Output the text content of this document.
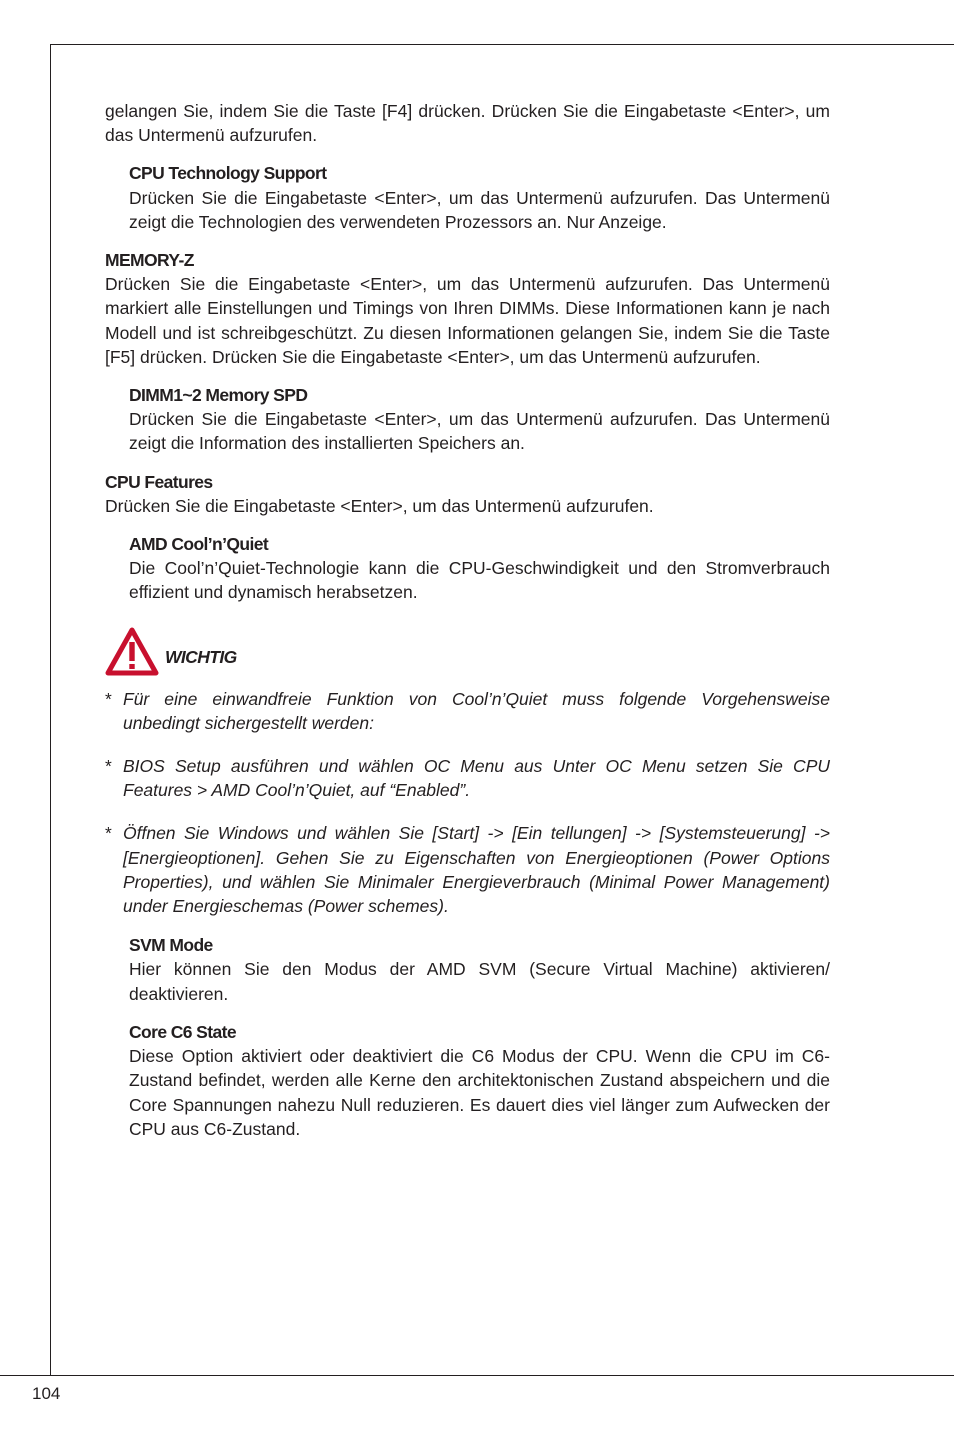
gelangen Sie, indem Sie die Taste [F4] drücken. Drücken Sie die Eingabetaste <Enter>, um das Untermenü aufzurufen.

CPU Technology Support

Drücken Sie die Eingabetaste <Enter>, um das Untermenü aufzurufen. Das Untermenü zeigt die Technologien des verwendeten Prozessors an. Nur Anzeige.

MEMORY-Z

Drücken Sie die Eingabetaste <Enter>, um das Untermenü aufzurufen. Das Untermenü markiert alle Einstellungen und Timings von Ihren DIMMs. Diese Informationen kann je nach Modell und ist schreibgeschützt. Zu diesen Informationen gelangen Sie, indem Sie die Taste [F5] drücken. Drücken Sie die Eingabetaste <Enter>, um das Untermenü aufzurufen.

DIMM1~2 Memory SPD

Drücken Sie die Eingabetaste <Enter>, um das Untermenü aufzurufen. Das Untermenü zeigt die Information des installierten Speichers an.

CPU Features

Drücken Sie die Eingabetaste <Enter>, um das Untermenü aufzurufen.

AMD Cool’n’Quiet

Die Cool’n’Quiet-Technologie kann die CPU-Geschwindigkeit und den Stromverbrauch effizient und dynamisch herabsetzen.

WICHTIG

* Für eine einwandfreie Funktion von Cool’n’Quiet muss folgende Vorgehensweise unbedingt sichergestellt werden:

* BIOS Setup ausführen und wählen OC Menu aus Unter OC Menu setzen Sie CPU Features > AMD Cool’n’Quiet, auf “Enabled”.

* Öffnen Sie Windows und wählen Sie [Start] -> [Ein tellungen] -> [Systemsteuerung] -> [Energieoptionen]. Gehen Sie zu Eigenschaften von Energieoptionen (Power Options Properties), und wählen Sie Minimaler Energieverbrauch (Minimal Power Management) under Energieschemas (Power schemes).

SVM Mode

Hier können Sie den Modus der AMD SVM (Secure Virtual Machine) aktivieren/ deaktivieren.

Core C6 State

Diese Option aktiviert oder deaktiviert die C6 Modus der CPU. Wenn die CPU im C6-Zustand befindet, werden alle Kerne den architektonischen Zustand abspeichern und die Core Spannungen nahezu Null reduzieren. Es dauert dies viel länger zum Aufwecken der CPU aus C6-Zustand.

104
